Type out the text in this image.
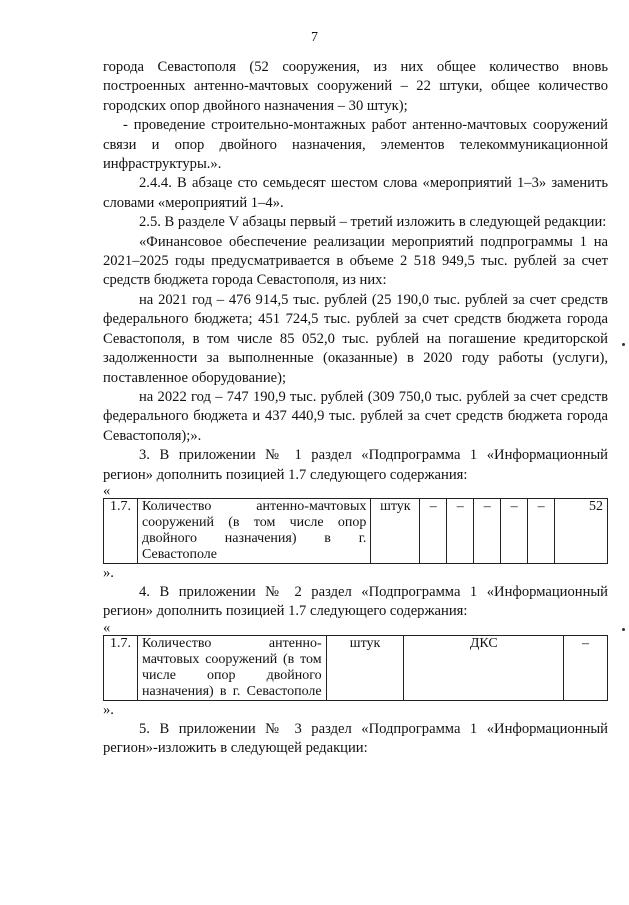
7

города Севастополя (52 сооружения, из них общее количество вновь построенных антенно-мачтовых сооружений – 22 штуки, общее количество городских опор двойного назначения – 30 штук);

- проведение строительно-монтажных работ антенно-мачтовых сооружений связи и опор двойного назначения, элементов телекоммуникационной инфраструктуры.».

2.4.4. В абзаце сто семьдесят шестом слова «мероприятий 1–3» заменить словами «мероприятий 1–4».

2.5. В разделе V абзацы первый – третий изложить в следующей редакции:

«Финансовое обеспечение реализации мероприятий подпрограммы 1 на 2021–2025 годы предусматривается в объеме 2 518 949,5 тыс. рублей за счет средств бюджета города Севастополя, из них:

на 2021 год – 476 914,5 тыс. рублей (25 190,0 тыс. рублей за счет средств федерального бюджета; 451 724,5 тыс. рублей за счет средств бюджета города Севастополя, в том числе 85 052,0 тыс. рублей на погашение кредиторской задолженности за выполненные (оказанные) в 2020 году работы (услуги), поставленное оборудование);

на 2022 год – 747 190,9 тыс. рублей (309 750,0 тыс. рублей за счет средств федерального бюджета и 437 440,9 тыс. рублей за счет средств бюджета города Севастополя);».

3. В приложении № 1 раздел «Подпрограмма 1 «Информационный регион» дополнить позицией 1.7 следующего содержания:

«

1.7.	Количество антенно-мачтовых сооружений (в том числе опор двойного назначения) в г. Севастополе	штук	–	–	–	–	–	52

».

4. В приложении № 2 раздел «Подпрограмма 1 «Информационный регион» дополнить позицией 1.7 следующего содержания:

«

1.7.	Количество антенно-мачтовых сооружений (в том числе опор двойного назначения) в г. Севастополе	штук	ДКС	–

».

5. В приложении № 3 раздел «Подпрограмма 1 «Информационный регион»-изложить в следующей редакции:
